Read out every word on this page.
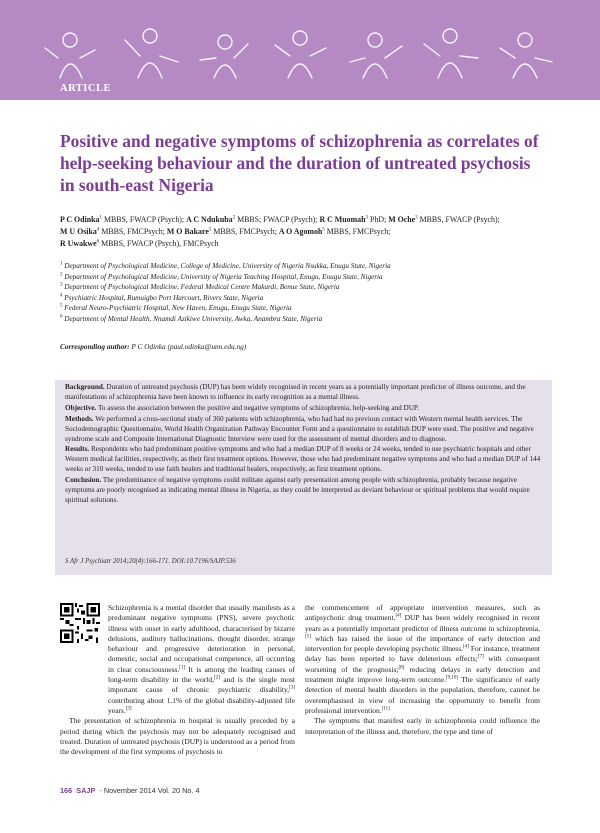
ARTICLE
Positive and negative symptoms of schizophrenia as correlates of help-seeking behaviour and the duration of untreated psychosis in south-east Nigeria
P C Odinka$^1$ MBBS, FWACP (Psych); A C Ndukuba$^2$ MBBS; FWACP (Psych); R C Muomah$^3$ PhD; M Oche$^3$ MBBS, FWACP (Psych);
M U Osika$^4$ MBBS, FMCPsych; M O Bakare$^5$ MBBS, FMCPsych; A O Agomoh$^5$ MBBS, FMCPsych;
R Uwakwe$^6$ MBBS, FWACP (Psych), FMCPsych
$^1$ Department of Psychological Medicine, College of Medicine, University of Nigeria Nsukka, Enugu State, Nigeria
$^2$ Department of Psychological Medicine, University of Nigeria Teaching Hospital, Enugu, Enugu State, Nigeria
$^3$ Department of Psychological Medicine, Federal Medical Centre Makurdi, Benue State, Nigeria
$^4$ Psychiatric Hospital, Rumuigbo Port Harcourt, Rivers State, Nigeria
$^5$ Federal Neuro-Psychiatric Hospital, New Haven, Enugu, Enugu State, Nigeria
$^6$ Department of Mental Health, Nnamdi Azikiwe University, Awka, Anambra State, Nigeria
Corresponding author: P C Odinka (paul.odinka@unn.edu.ng)

Background. Duration of untreated psychosis (DUP) has been widely recognised in recent years as a potentially important predictor of illness outcome, and the manifestations of schizophrenia have been known to influence its early recognition as a mental illness.

Objective. To assess the association between the positive and negative symptoms of schizophrenia, help-seeking and DUP.

Methods. We performed a cross-sectional study of 360 patients with schizophrenia, who had had no previous contact with Western mental health services. The Sociodemographic Questionnaire, World Health Organization Pathway Encounter Form and a questionnaire to establish DUP were used. The positive and negative syndrome scale and Composite International Diagnostic Interview were used for the assessment of mental disorders and to diagnose.

Results. Respondents who had predominant positive symptoms and who had a median DUP of 8 weeks or 24 weeks, tended to use psychiatric hospitals and other Western medical facilities, respectively, as their first treatment options. However, those who had predominant negative symptoms and who had a median DUP of 144 weeks or 310 weeks, tended to use faith healers and traditional healers, respectively, as first treatment options.

Conclusion. The predominance of negative symptoms could militate against early presentation among people with schizophrenia, probably because negative symptoms are poorly recognised as indicating mental illness in Nigeria, as they could be interpreted as deviant behaviour or spiritual problems that would require spiritual solutions.

S Afr J Psychiatr 2014;20(4):166-171. DOI:10.7196/SAJP.536

Schizophrenia is a mental disorder that usually manifests as a predominant negative symptoms (PNS), severe psychotic illness with onset in early adulthood, characterised by bizarre delusions, auditory hallucinations, thought disorder, strange behaviour and progressive deterioration in personal, domestic, social and occupational competence, all occurring in clear consciousness.[1] It is among the leading causes of long-term disability in the world,[2] and is the single most important cause of chronic psychiatric disability,[3] contributing about 1.1% of the global disability-adjusted life years.[3]

The presentation of schizophrenia in hospital is usually preceded by a period during which the psychosis may not be adequately recognised and treated. Duration of untreated psychosis (DUP) is understood as a period from the development of the first symptoms of psychosis to

the commencement of appropriate intervention measures, such as antipsychotic drug treatment.[4] DUP has been widely recognised in recent years as a potentially important predictor of illness outcome in schizophrenia,[5] which has raised the issue of the importance of early detection and intervention for people developing psychotic illness.[4] For instance, treatment delay has been reported to have deleterious effects;[7] with consequent worsening of the prognosis;[8] reducing delays in early detection and treatment might improve long-term outcome.[9,10] The significance of early detection of mental health disorders in the population, therefore, cannot be overemphasised in view of increasing the opportunity to benefit from professional intervention.[11]

The symptoms that manifest early in schizophrenia could influence the interpretation of the illness and, therefore, the type and time of

166 SAJP  - November 2014 Vol. 20 No. 4
